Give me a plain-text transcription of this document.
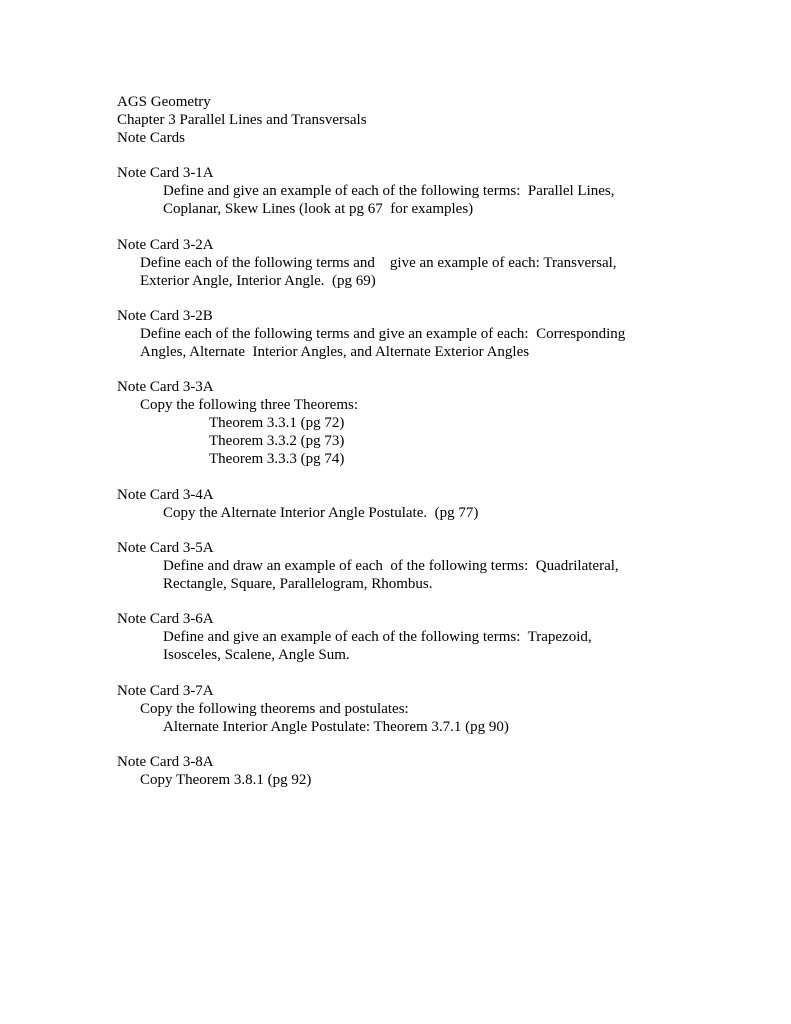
AGS Geometry
Chapter 3 Parallel Lines and Transversals
Note Cards
Note Card 3-1A
Define and give an example of each of the following terms:  Parallel Lines,
Coplanar, Skew Lines (look at pg 67  for examples)
Note Card 3-2A
Define each of the following terms and    give an example of each: Transversal,
Exterior Angle, Interior Angle.  (pg 69)
Note Card 3-2B
Define each of the following terms and give an example of each:  Corresponding
Angles, Alternate  Interior Angles, and Alternate Exterior Angles
Note Card 3-3A
Copy the following three Theorems:
Theorem 3.3.1 (pg 72)
Theorem 3.3.2 (pg 73)
Theorem 3.3.3 (pg 74)
Note Card 3-4A
Copy the Alternate Interior Angle Postulate.  (pg 77)
Note Card 3-5A
Define and draw an example of each  of the following terms:  Quadrilateral,
Rectangle, Square, Parallelogram, Rhombus.
Note Card 3-6A
Define and give an example of each of the following terms:  Trapezoid,
Isosceles, Scalene, Angle Sum.
Note Card 3-7A
Copy the following theorems and postulates:
Alternate Interior Angle Postulate: Theorem 3.7.1 (pg 90)
Note Card 3-8A
Copy Theorem 3.8.1 (pg 92)
